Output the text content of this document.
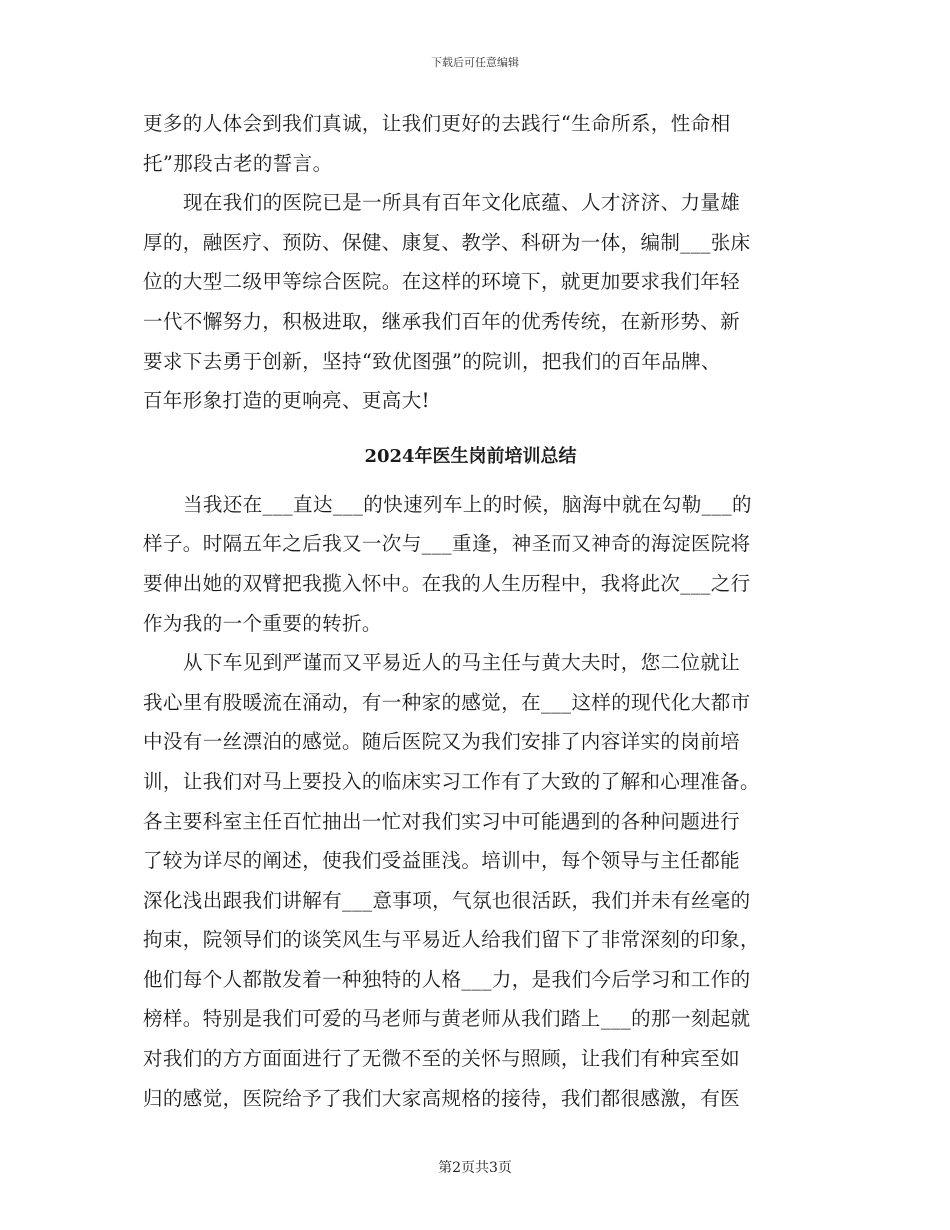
下载后可任意编辑
更多的人体会到我们真诚，让我们更好的去践行“生命所系，性命相
托”那段古老的誓言。
现在我们的医院已是一所具有百年文化底蕴、人才济济、力量雄
厚的，融医疗、预防、保健、康复、教学、科研为一体，编制___张床
位的大型二级甲等综合医院。在这样的环境下，就更加要求我们年轻
一代不懈努力，积极进取，继承我们百年的优秀传统，在新形势、新
要求下去勇于创新，坚持“致优图强”的院训，把我们的百年品牌、
百年形象打造的更响亮、更高大!
2024年医生岗前培训总结
当我还在___直达___的快速列车上的时候，脑海中就在勾勒___的
样子。时隔五年之后我又一次与___重逢，神圣而又神奇的海淀医院将
要伸出她的双臂把我揽入怀中。在我的人生历程中，我将此次___之行
作为我的一个重要的转折。
从下车见到严谨而又平易近人的马主任与黄大夫时，您二位就让
我心里有股暖流在涌动，有一种家的感觉，在___这样的现代化大都市
中没有一丝漂泊的感觉。随后医院又为我们安排了内容详实的岗前培
训，让我们对马上要投入的临床实习工作有了大致的了解和心理准备。
各主要科室主任百忙抽出一忙对我们实习中可能遇到的各种问题进行
了较为详尽的阐述，使我们受益匪浅。培训中，每个领导与主任都能
深化浅出跟我们讲解有___意事项，气氛也很活跃，我们并未有丝毫的
拘束，院领导们的谈笑风生与平易近人给我们留下了非常深刻的印象，
他们每个人都散发着一种独特的人格___力，是我们今后学习和工作的
榜样。特别是我们可爱的马老师与黄老师从我们踏上___的那一刻起就
对我们的方方面面进行了无微不至的关怀与照顾，让我们有种宾至如
归的感觉，医院给予了我们大家高规格的接待，我们都很感激，有医
第2页共3页
